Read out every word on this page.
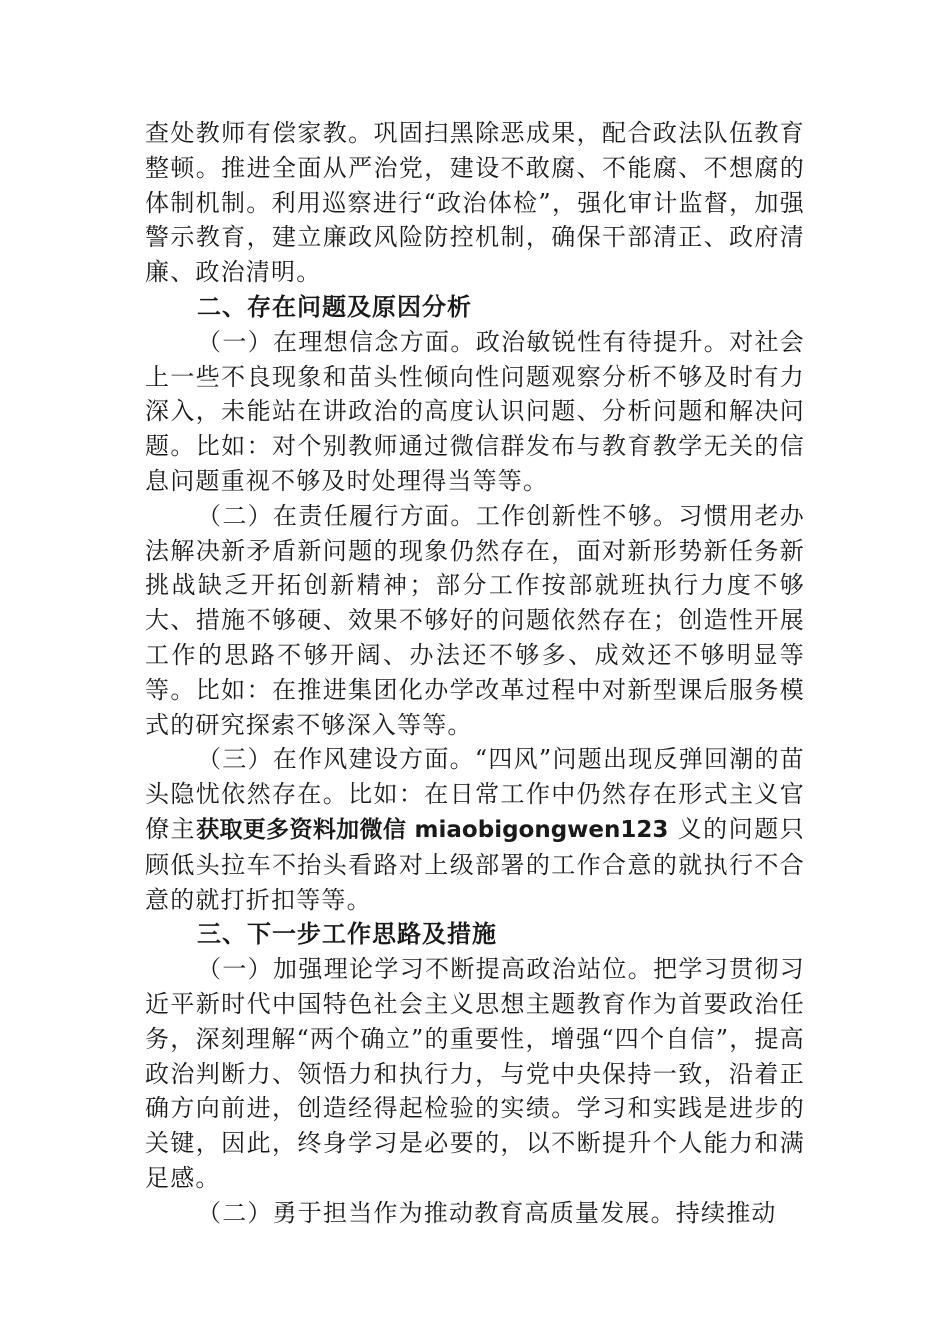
查处教师有偿家教。巩固扫黑除恶成果，配合政法队伍教育整顿。推进全面从严治党，建设不敢腐、不能腐、不想腐的体制机制。利用巡察进行“政治体检”，强化审计监督，加强警示教育，建立廉政风险防控机制，确保干部清正、政府清廉、政治清明。

二、存在问题及原因分析

（一）在理想信念方面。政治敏锐性有待提升。对社会上一些不良现象和苗头性倾向性问题观察分析不够及时有力深入，未能站在讲政治的高度认识问题、分析问题和解决问题。比如：对个别教师通过微信群发布与教育教学无关的信息问题重视不够及时处理得当等等。

（二）在责任履行方面。工作创新性不够。习惯用老办法解决新矛盾新问题的现象仍然存在，面对新形势新任务新挑战缺乏开拓创新精神；部分工作按部就班执行力度不够大、措施不够硬、效果不够好的问题依然存在；创造性开展工作的思路不够开阔、办法还不够多、成效还不够明显等等。比如：在推进集团化办学改革过程中对新型课后服务模式的研究探索不够深入等等。

（三）在作风建设方面。“四风”问题出现反弹回潮的苗头隐忧依然存在。比如：在日常工作中仍然存在形式主义官僚主获取更多资料加微信 miaobigongwen123 义的问题只顾低头拉车不抬头看路对上级部署的工作合意的就执行不合意的就打折扣等等。

三、下一步工作思路及措施

（一）加强理论学习不断提高政治站位。把学习贯彻习近平新时代中国特色社会主义思想主题教育作为首要政治任务，深刻理解“两个确立”的重要性，增强“四个自信”，提高政治判断力、领悟力和执行力，与党中央保持一致，沿着正确方向前进，创造经得起检验的实绩。学习和实践是进步的关键，因此，终身学习是必要的，以不断提升个人能力和满足感。

（二）勇于担当作为推动教育高质量发展。持续推动
